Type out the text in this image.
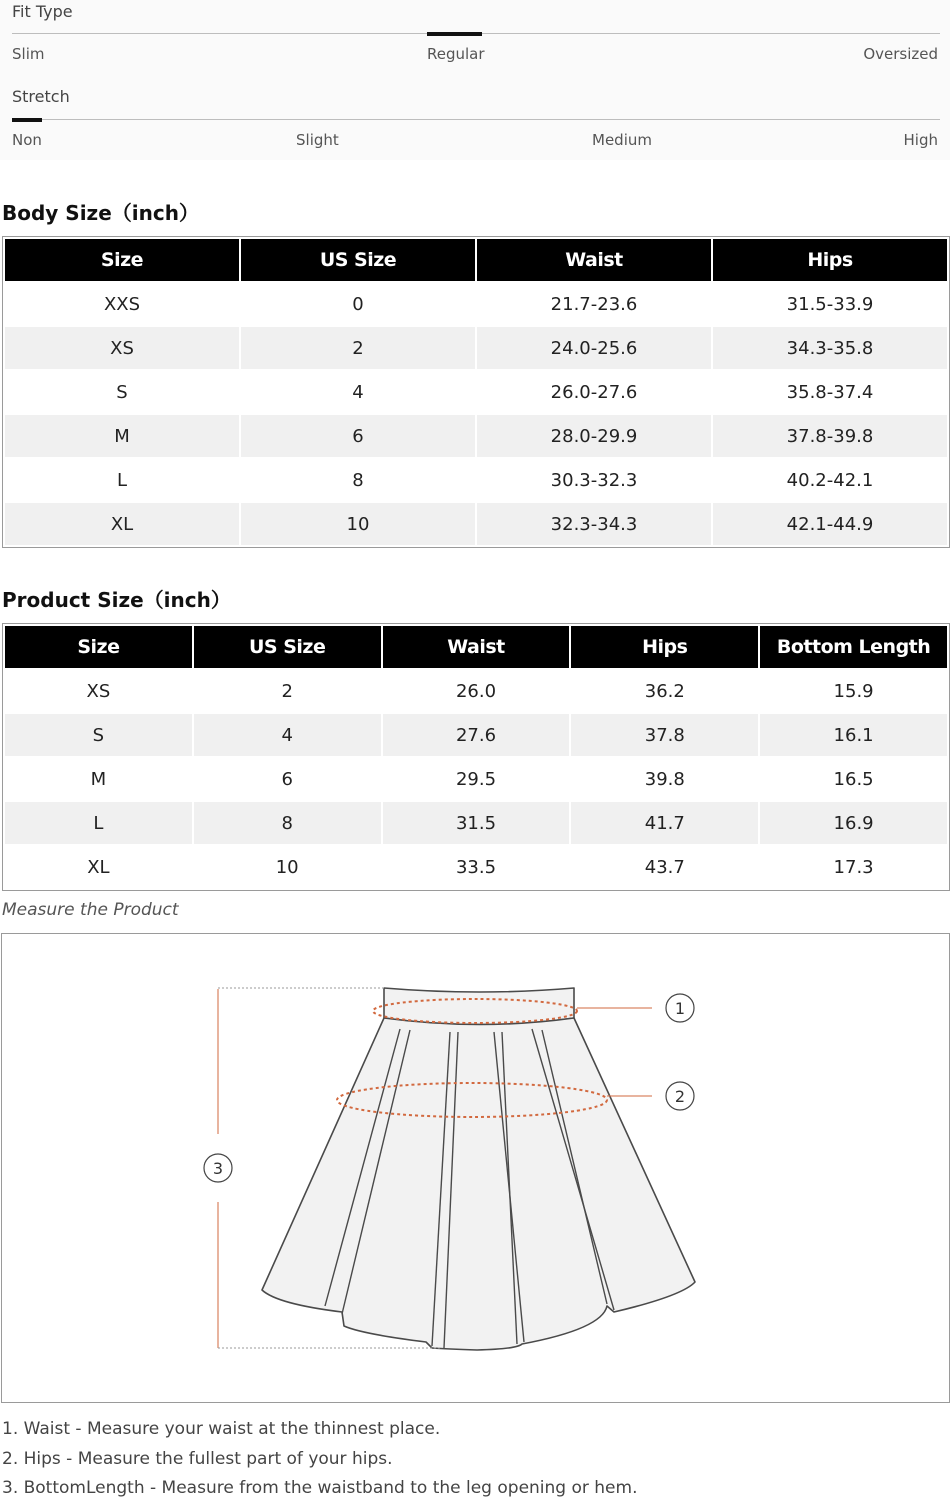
Fit Type
Slim	Regular	Oversized
Stretch
Non	Slight	Medium	High
Body Size（inch）
Size	US Size	Waist	Hips
XXS	0	21.7-23.6	31.5-33.9
XS	2	24.0-25.6	34.3-35.8
S	4	26.0-27.6	35.8-37.4
M	6	28.0-29.9	37.8-39.8
L	8	30.3-32.3	40.2-42.1
XL	10	32.3-34.3	42.1-44.9
Product Size（inch）
Size	US Size	Waist	Hips	Bottom Length
XS	2	26.0	36.2	15.9
S	4	27.6	37.8	16.1
M	6	29.5	39.8	16.5
L	8	31.5	41.7	16.9
XL	10	33.5	43.7	17.3
Measure the Product
1
2
3
1. Waist - Measure your waist at the thinnest place.
2. Hips - Measure the fullest part of your hips.
3. BottomLength - Measure from the waistband to the leg opening or hem.
